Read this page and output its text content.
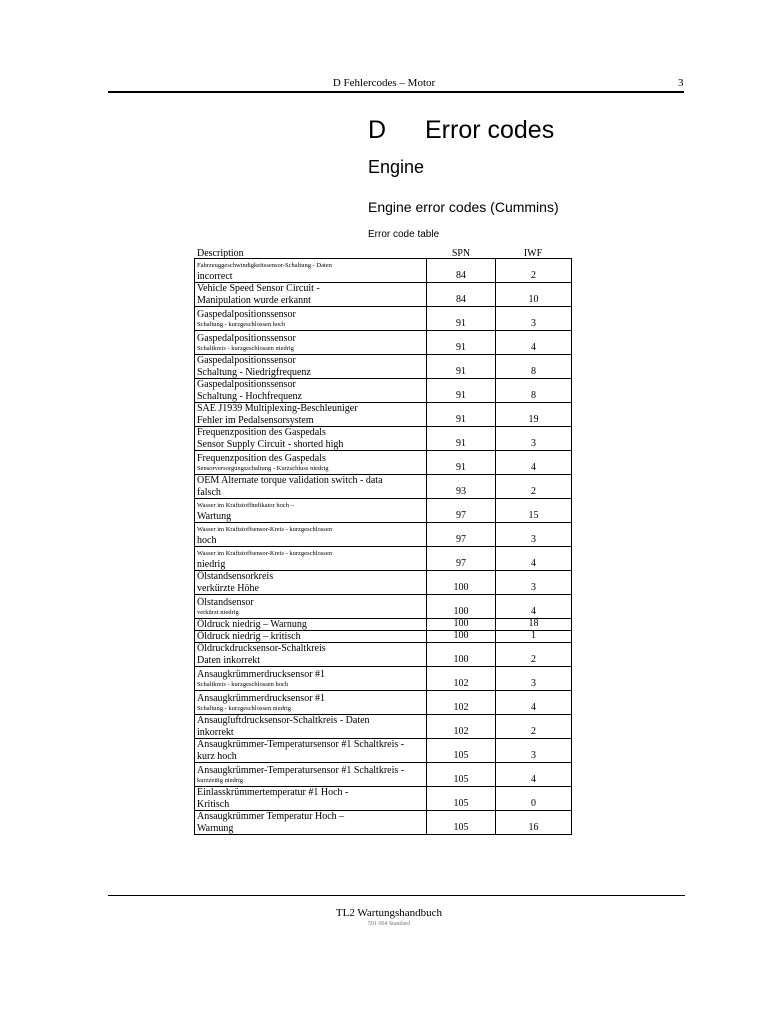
D Fehlercodes – Motor	3
D Error codes
Engine
Engine error codes (Cummins)
Error code table
Description	SPN	IWF
Fahrzeuggeschwindigkeitssensor-Schaltung - Daten
incorrect	84	2

Vehicle Speed Sensor Circuit -
Manipulation wurde erkannt	84	10

Gaspedalpositionssensor
Schaltung - kurzgeschlossen hoch	91	3

Gaspedalpositionssensor
Schaltkreis - kurzgeschlossen niedrig	91	4

Gaspedalpositionssensor
Schaltung - Niedrigfrequenz	91	8

Gaspedalpositionssensor
Schaltung - Hochfrequenz	91	8

SAE J1939 Multiplexing-Beschleuniger
Fehler im Pedalsensorsystem	91	19

Frequenzposition des Gaspedals
Sensor Supply Circuit - shorted high	91	3

Frequenzposition des Gaspedals
Sensorversorgungsschaltung - Kurzschluss niedrig	91	4

OEM Alternate torque validation switch - data
falsch	93	2

Wasser im Kraftstoffindikator hoch –
Wartung	97	15

Wasser im Kraftstoffsensor-Kreis - kurzgeschlossen
hoch	97	3

Wasser im Kraftstoffsensor-Kreis - kurzgeschlossen
niedrig	97	4

Ölstandsensorkreis
verkürzte Höhe	100	3

Ölstandsensor
verkürzt niedrig	100	4
Öldruck niedrig – Warnung	100	18
Öldruck niedrig – kritisch	100	1

Öldruckdrucksensor-Schaltkreis
Daten inkorrekt	100	2

Ansaugkrümmerdrucksensor #1
Schaltkreis - kurzgeschlossen hoch	102	3

Ansaugkrümmerdrucksensor #1
Schaltung - kurzgeschlossen niedrig	102	4

Ansaugluftdrucksensor-Schaltkreis - Daten
inkorrekt	102	2

Ansaugkrümmer-Temperatursensor #1 Schaltkreis -
kurz hoch	105	3

Ansaugkrümmer-Temperatursensor #1 Schaltkreis -
kurzzeitig niedrig	105	4

Einlasskrümmertemperatur #1 Hoch -
Kritisch	105	0

Ansaugkrümmer Temperatur Hoch –
Warnung	105	16
TL2 Wartungshandbuch
591 004 Standard
